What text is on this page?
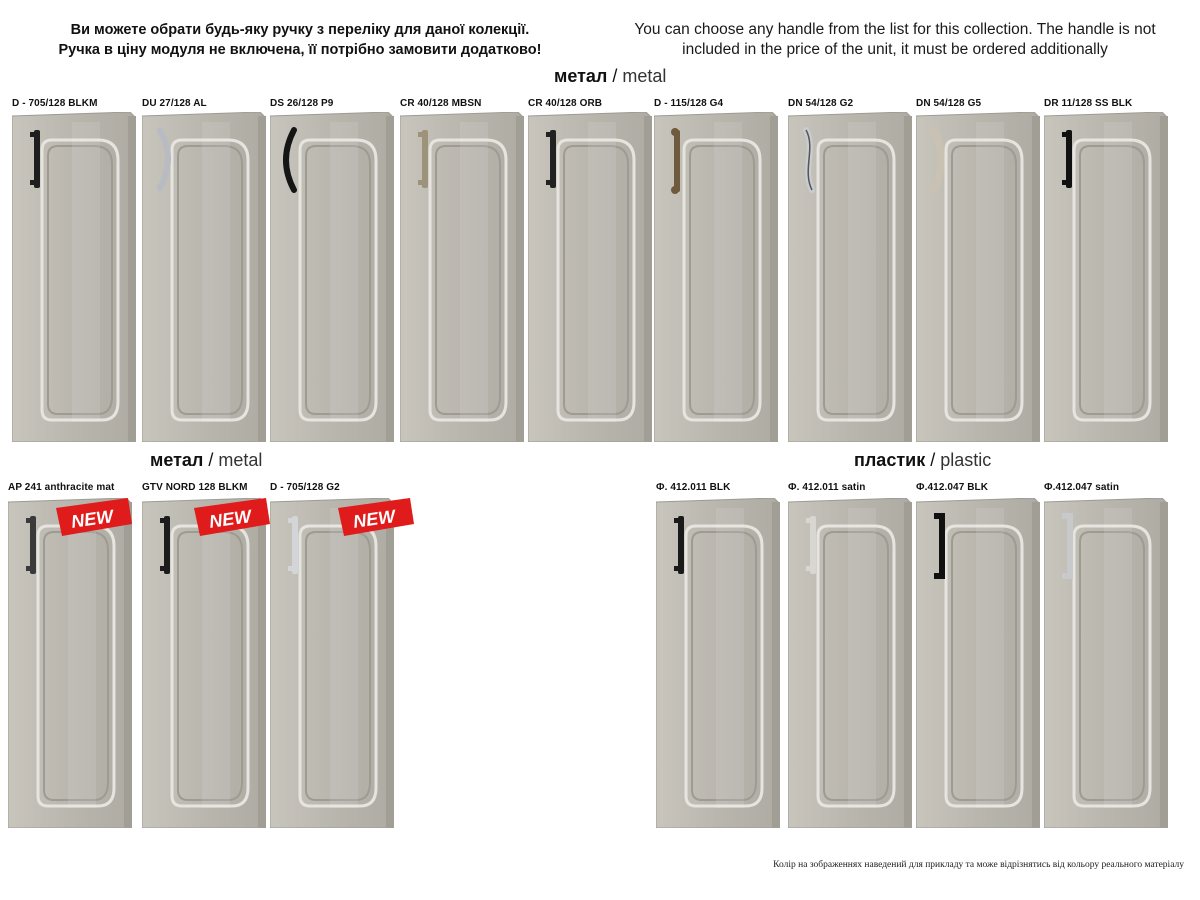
Ви можете обрати будь-яку ручку з переліку для даної колекції.
Ручка в ціну модуля не включена, її потрібно замовити додатково!
You can choose any handle from the list for this collection. The handle is not
included in the price of the unit, it must be ordered additionally
метал / metal
метал / metal	пластик / plastic
D - 705/128 BLKM	DU 27/128 AL	DS 26/128 P9	CR 40/128 MBSN	CR 40/128 ORB	D - 115/128 G4	DN 54/128 G2	DN 54/128 G5	DR 11/128 SS BLK
AP 241 anthracite mat	GTV NORD 128 BLKM D - 705/128 G2
NEW	NEW	NEW
Ф. 412.011 BLK	Ф. 412.011 satin	Ф.412.047 BLK	Ф.412.047 satin
Колір на зображеннях наведений для прикладу та може відрізнятись від кольору реального матеріалу
